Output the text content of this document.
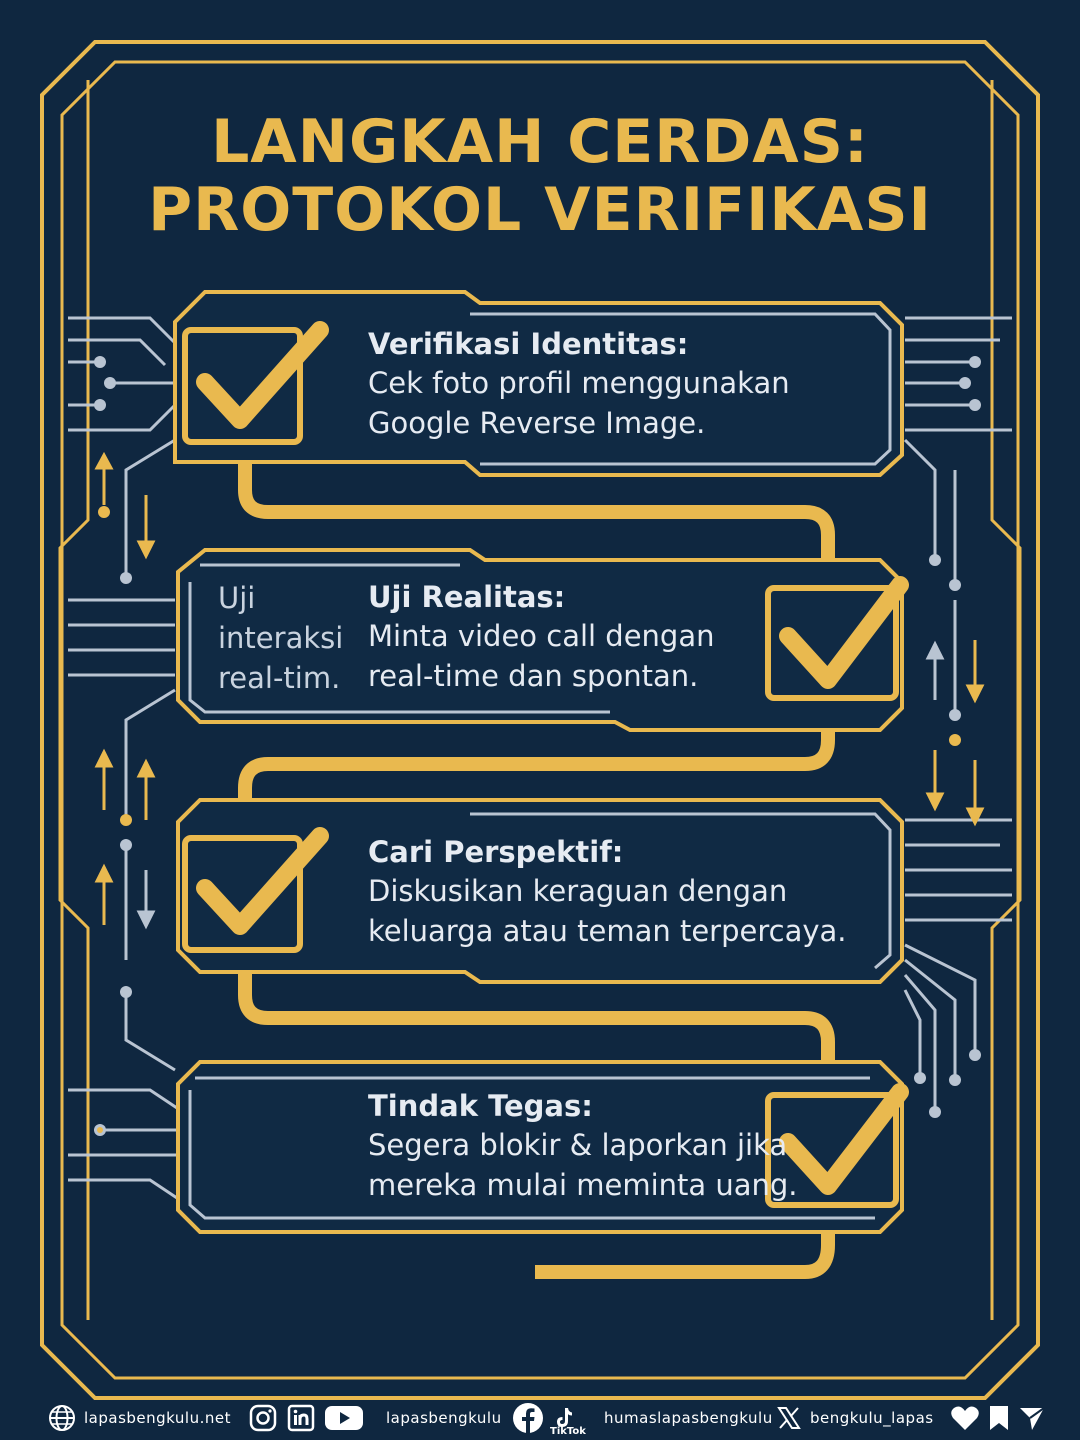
LANGKAH CERDAS:
PROTOKOL VERIFIKASI
Verifikasi Identitas:
Cek foto profil menggunakan
Google Reverse Image.
Uji
interaksi
real-tim.
Uji Realitas:
Minta video call dengan
real-time dan spontan.
Cari Perspektif:
Diskusikan keraguan dengan
keluarga atau teman terpercaya.
Tindak Tegas:
Segera blokir & laporkan jika
mereka mulai meminta uang.
lapasbengkulu.net	lapasbengkulu	humaslapasbengkulu
TikTok
bengkulu_lapas
